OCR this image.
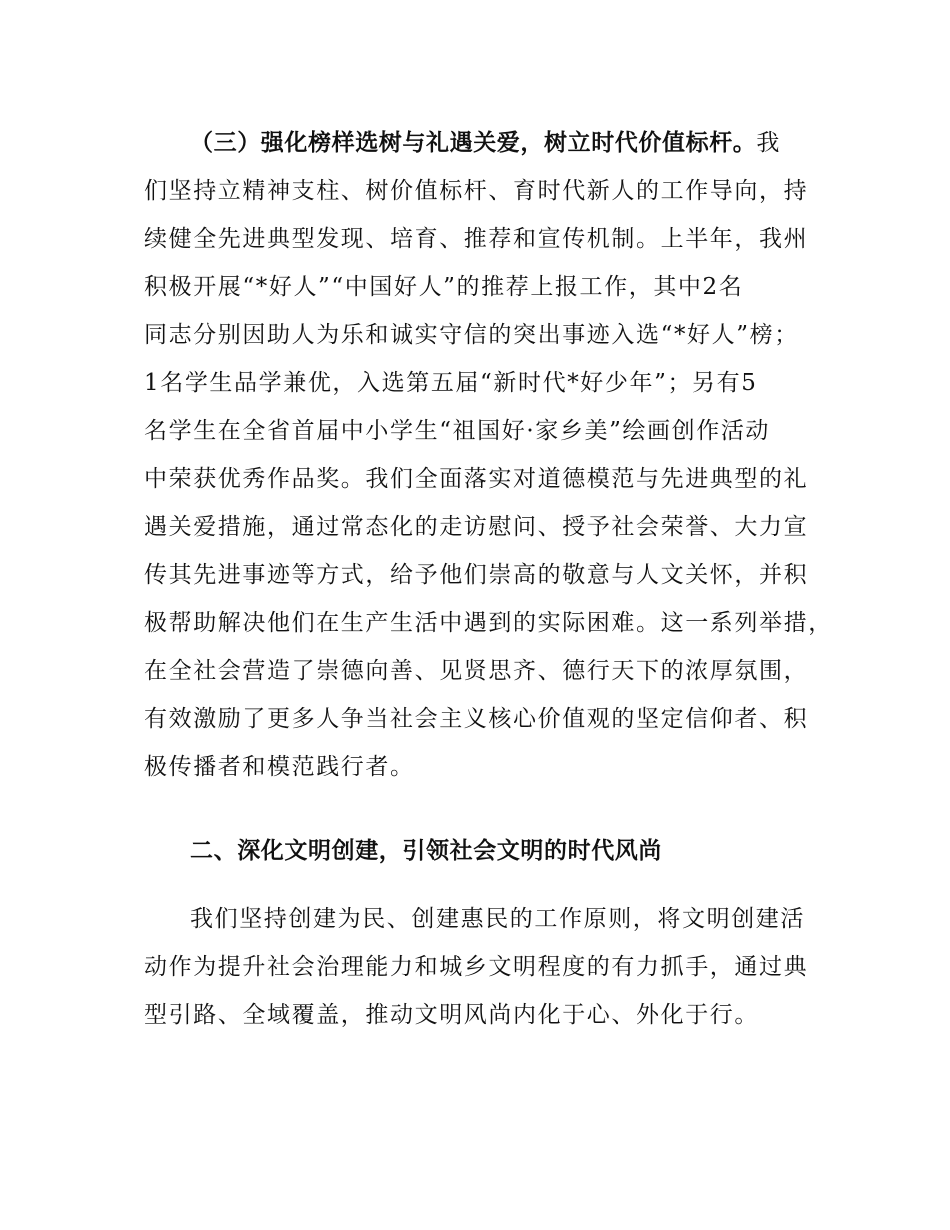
（三）强化榜样选树与礼遇关爱，树立时代价值标杆。我
们坚持立精神支柱、树价值标杆、育时代新人的工作导向，持
续健全先进典型发现、培育、推荐和宣传机制。上半年，我州
积极开展“*好人”“中国好人”的推荐上报工作，其中2名
同志分别因助人为乐和诚实守信的突出事迹入选“*好人”榜；
1名学生品学兼优，入选第五届“新时代*好少年”；另有5
名学生在全省首届中小学生“祖国好·家乡美”绘画创作活动
中荣获优秀作品奖。我们全面落实对道德模范与先进典型的礼
遇关爱措施，通过常态化的走访慰问、授予社会荣誉、大力宣
传其先进事迹等方式，给予他们崇高的敬意与人文关怀，并积
极帮助解决他们在生产生活中遇到的实际困难。这一系列举措，
在全社会营造了崇德向善、见贤思齐、德行天下的浓厚氛围，
有效激励了更多人争当社会主义核心价值观的坚定信仰者、积
极传播者和模范践行者。
二、深化文明创建，引领社会文明的时代风尚
我们坚持创建为民、创建惠民的工作原则，将文明创建活
动作为提升社会治理能力和城乡文明程度的有力抓手，通过典
型引路、全域覆盖，推动文明风尚内化于心、外化于行。
